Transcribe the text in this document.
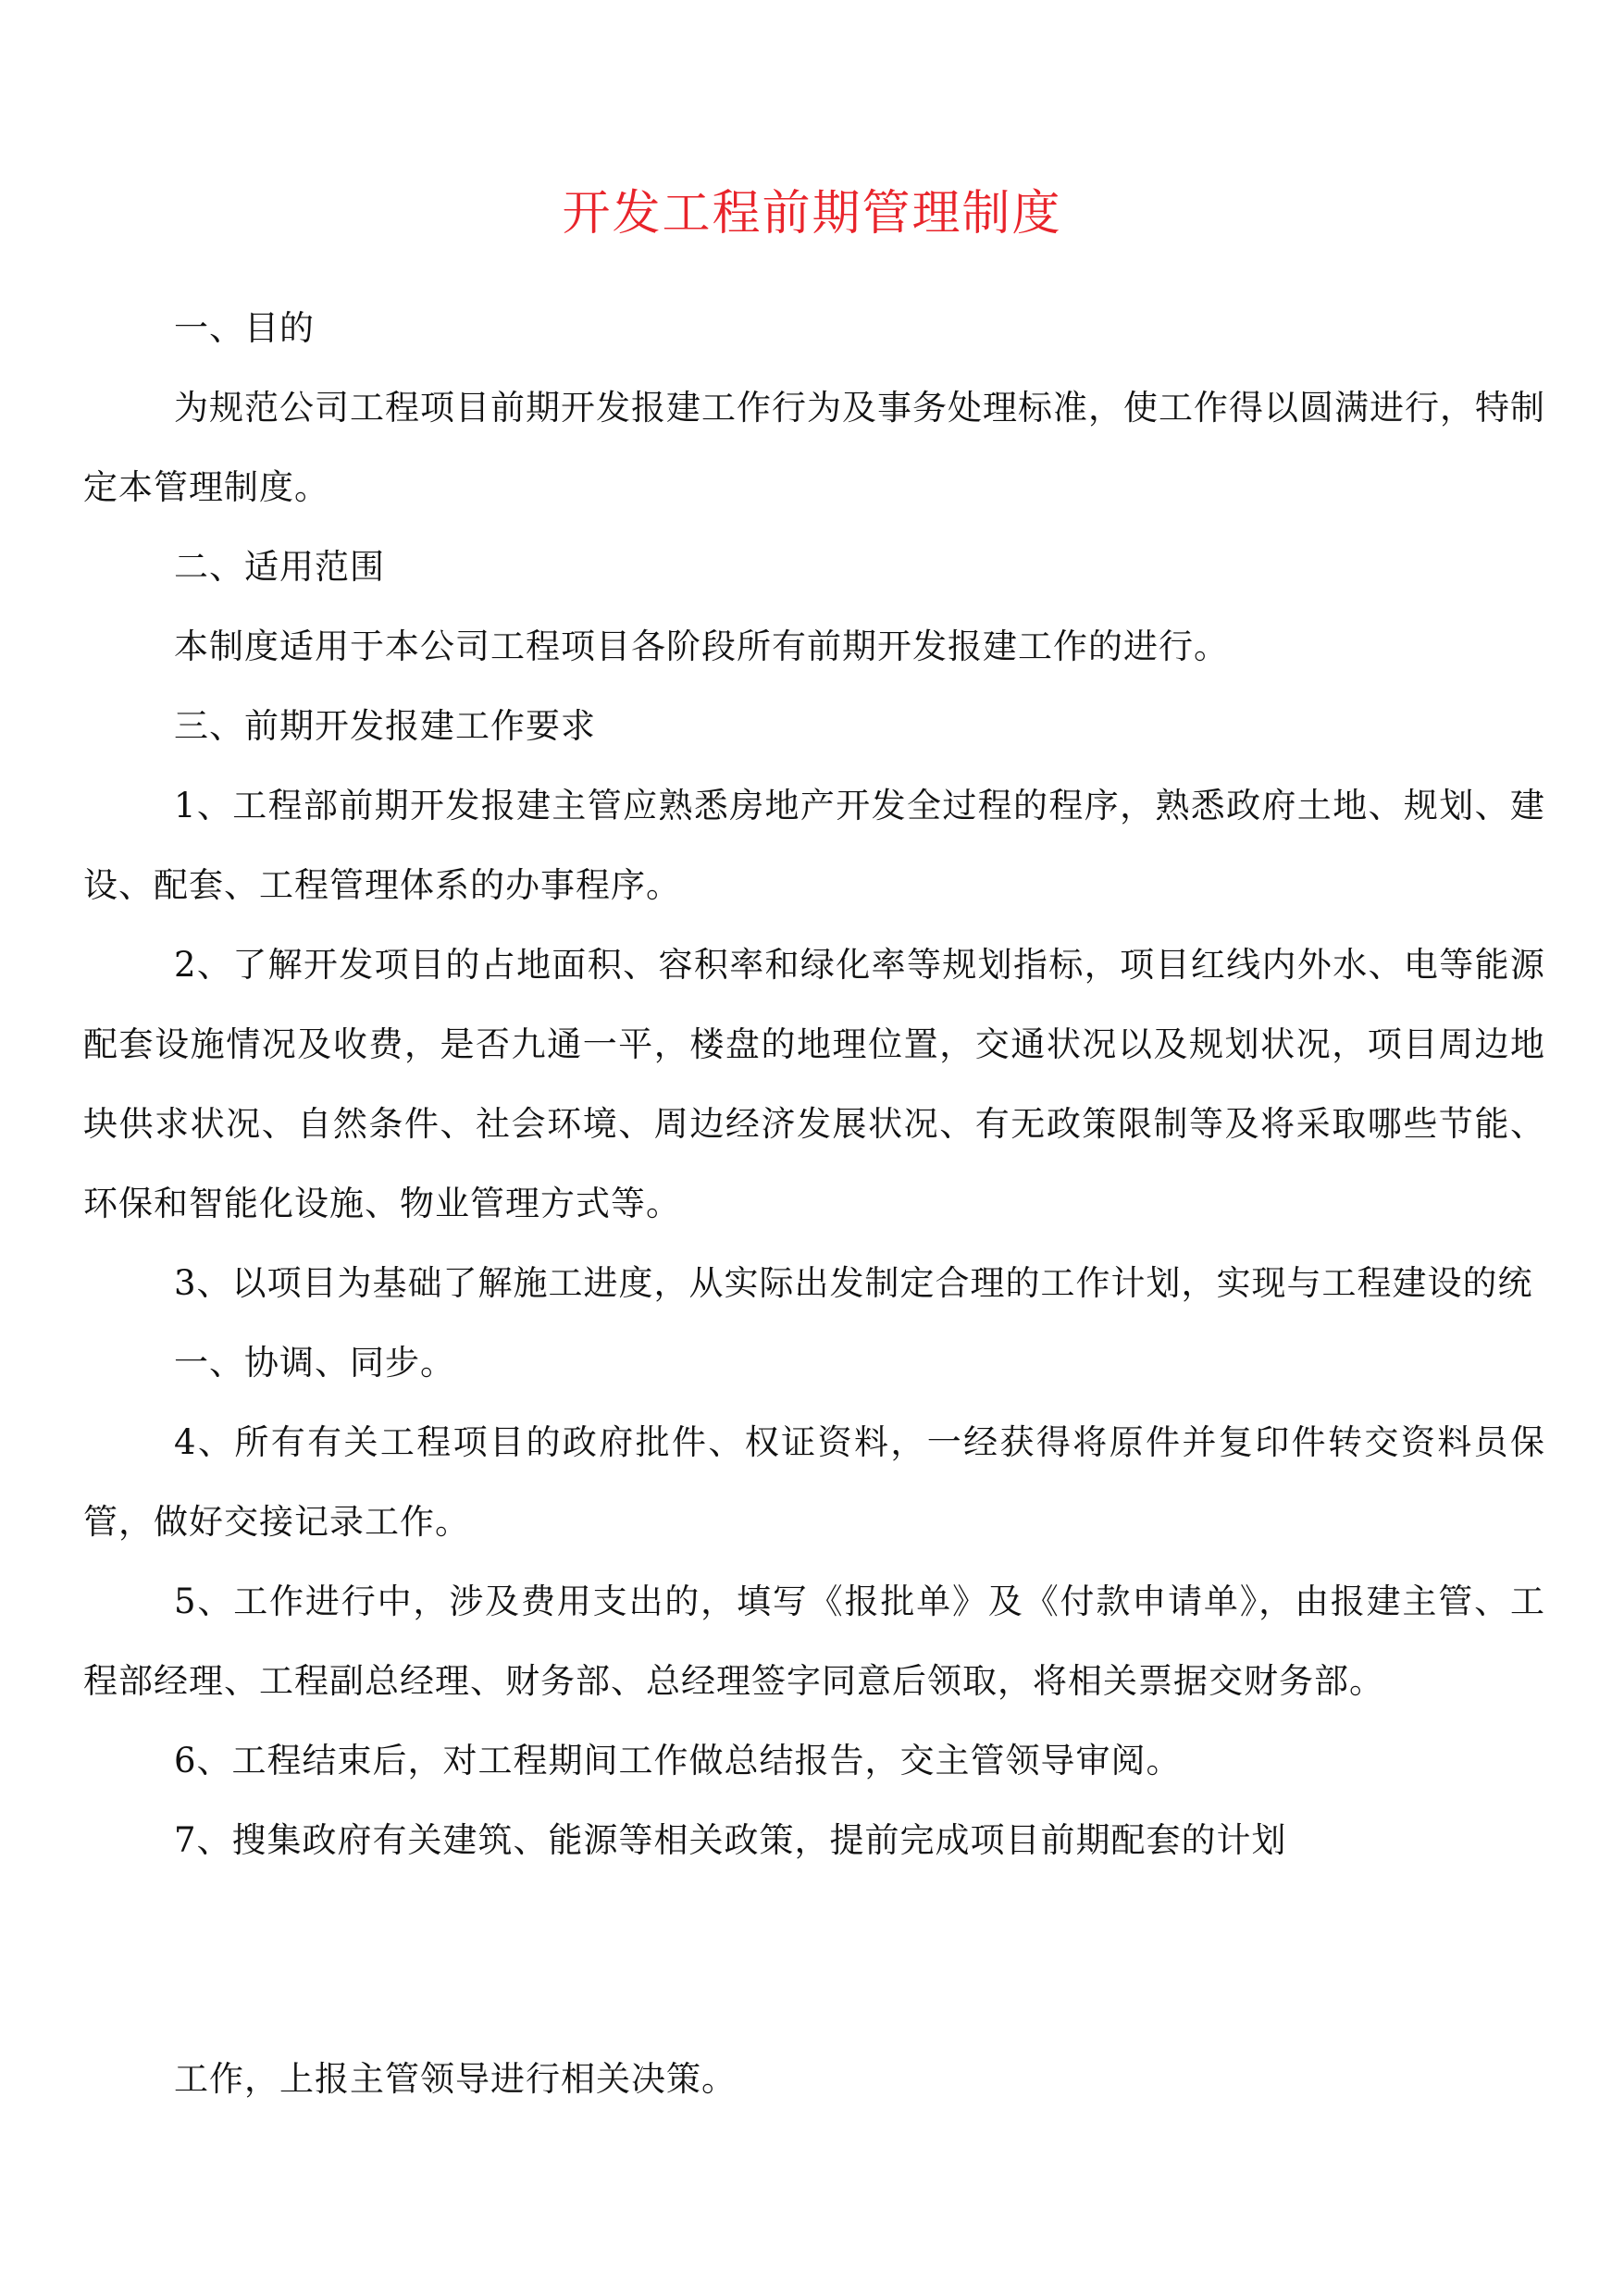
开发工程前期管理制度

一、目的

为规范公司工程项目前期开发报建工作行为及事务处理标准，使工作得以圆满进行，特制定本管理制度。

二、适用范围

本制度适用于本公司工程项目各阶段所有前期开发报建工作的进行。

三、前期开发报建工作要求

1、工程部前期开发报建主管应熟悉房地产开发全过程的程序，熟悉政府土地、规划、建设、配套、工程管理体系的办事程序。

2、了解开发项目的占地面积、容积率和绿化率等规划指标，项目红线内外水、电等能源配套设施情况及收费，是否九通一平，楼盘的地理位置，交通状况以及规划状况，项目周边地块供求状况、自然条件、社会环境、周边经济发展状况、有无政策限制等及将采取哪些节能、环保和智能化设施、物业管理方式等。

3、以项目为基础了解施工进度，从实际出发制定合理的工作计划，实现与工程建设的统

一、协调、同步。

4、所有有关工程项目的政府批件、权证资料，一经获得将原件并复印件转交资料员保管，做好交接记录工作。

5、工作进行中，涉及费用支出的，填写《报批单》及《付款申请单》，由报建主管、工程部经理、工程副总经理、财务部、总经理签字同意后领取，将相关票据交财务部。

6、工程结束后，对工程期间工作做总结报告，交主管领导审阅。

7、搜集政府有关建筑、能源等相关政策，提前完成项目前期配套的计划

工作，上报主管领导进行相关决策。
